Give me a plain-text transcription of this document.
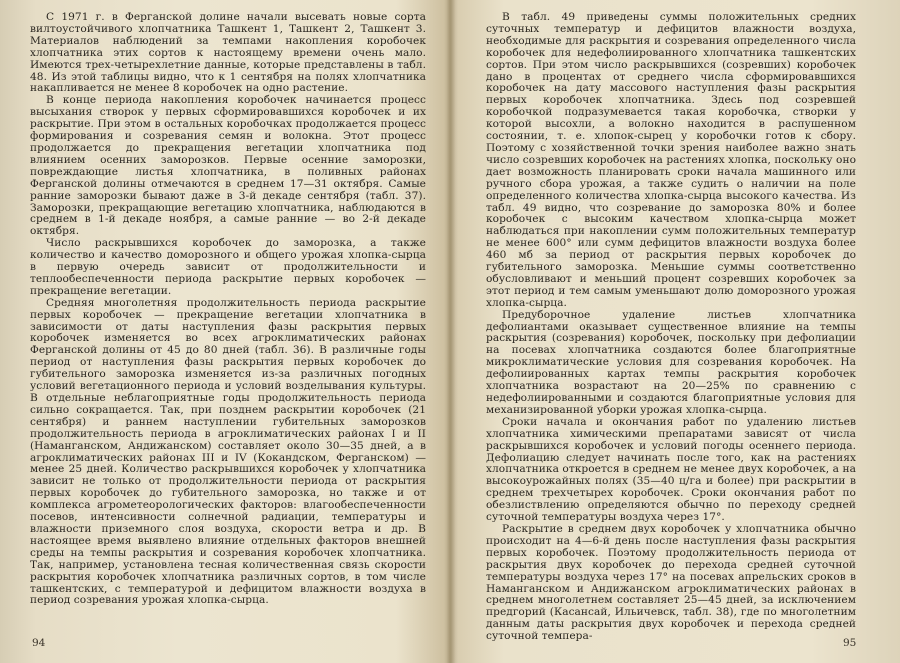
С 1971 г. в Ферганской долине начали высевать новые сорта вилтоустойчивого хлопчатника Ташкент 1, Ташкент 2, Ташкент 3. Материалов наблюдений за темпами накопления коробочек хлопчатника этих сортов к настоящему времени очень мало. Имеются трех-четырехлетние данные, которые представлены в табл. 48. Из этой таблицы видно, что к 1 сентября на полях хлопчатника накапливается не менее 8 коробочек на одно растение.

В конце периода накопления коробочек начинается процесс высыхания створок у первых сформировавшихся коробочек и их раскрытие. При этом в остальных коробочках продолжается процесс формирования и созревания семян и волокна. Этот процесс продолжается до прекращения вегетации хлопчатника под влиянием осенних заморозков. Первые осенние заморозки, повреждающие листья хлопчатника, в поливных районах Ферганской долины отмечаются в среднем 17—31 октября. Самые ранние заморозки бывают даже в 3-й декаде сентября (табл. 37). Заморозки, прекращающие вегетацию хлопчатника, наблюдаются в среднем в 1-й декаде ноября, а самые ранние — во 2-й декаде октября.

Число раскрывшихся коробочек до заморозка, а также количество и качество доморозного и общего урожая хлопка-сырца в первую очередь зависит от продолжительности и теплообеспеченности периода раскрытие первых коробочек — прекращение вегетации.

Средняя многолетняя продолжительность периода раскрытие первых коробочек — прекращение вегетации хлопчатника в зависимости от даты наступления фазы раскрытия первых коробочек изменяется во всех агроклиматических районах Ферганской долины от 45 до 80 дней (табл. 36). В различные годы период от наступления фазы раскрытия первых коробочек до губительного заморозка изменяется из-за различных погодных условий вегетационного периода и условий возделывания культуры. В отдельные неблагоприятные годы продолжительность периода сильно сокращается. Так, при позднем раскрытии коробочек (21 сентября) и раннем наступлении губительных заморозков продолжительность периода в агроклиматических районах I и II (Наманганском, Андижанском) составляет около 30—35 дней, а в агроклиматических районах III и IV (Кокандском, Ферганском) — менее 25 дней. Количество раскрывшихся коробочек у хлопчатника зависит не только от продолжительности периода от раскрытия первых коробочек до губительного заморозка, но также и от комплекса агрометеорологических факторов: влагообеспеченности посевов, интенсивности солнечной радиации, температуры и влажности приземного слоя воздуха, скорости ветра и др. В настоящее время выявлено влияние отдельных факторов внешней среды на темпы раскрытия и созревания коробочек хлопчатника. Так, например, установлена тесная количественная связь скорости раскрытия коробочек хлопчатника различных сортов, в том числе ташкентских, с температурой и дефицитом влажности воздуха в период созревания урожая хлопка-сырца.

В табл. 49 приведены суммы положительных средних суточных температур и дефицитов влажности воздуха, необходимые для раскрытия и созревания определенного числа коробочек для недефолиированного хлопчатника ташкентских сортов. При этом число раскрывшихся (созревших) коробочек дано в процентах от среднего числа сформировавшихся коробочек на дату массового наступления фазы раскрытия первых коробочек хлопчатника. Здесь под созревшей коробочкой подразумевается такая коробочка, створки у которой высохли, а волокно находится в распушенном состоянии, т. е. хлопок-сырец у коробочки готов к сбору. Поэтому с хозяйственной точки зрения наиболее важно знать число созревших коробочек на растениях хлопка, поскольку оно дает возможность планировать сроки начала машинного или ручного сбора урожая, а также судить о наличии на поле определенного количества хлопка-сырца высокого качества. Из табл. 49 видно, что созревание до заморозка 80% и более коробочек с высоким качеством хлопка-сырца может наблюдаться при накоплении сумм положительных температур не менее 600° или сумм дефицитов влажности воздуха более 460 мб за период от раскрытия первых коробочек до губительного заморозка. Меньшие суммы соответственно обусловливают и меньший процент созревших коробочек за этот период и тем самым уменьшают долю доморозного урожая хлопка-сырца.

Предуборочное удаление листьев хлопчатника дефолиантами оказывает существенное влияние на темпы раскрытия (созревания) коробочек, поскольку при дефолиации на посевах хлопчатника создаются более благоприятные микроклиматические условия для созревания коробочек. На дефолиированных картах темпы раскрытия коробочек хлопчатника возрастают на 20—25% по сравнению с недефолиированными и создаются благоприятные условия для механизированной уборки урожая хлопка-сырца.

Сроки начала и окончания работ по удалению листьев хлопчатника химическими препаратами зависят от числа раскрывшихся коробочек и условий погоды осеннего периода. Дефолиацию следует начинать после того, как на растениях хлопчатника откроется в среднем не менее двух коробочек, а на высокоурожайных полях (35—40 ц/га и более) при раскрытии в среднем трехчетырех коробочек. Сроки окончания работ по обезлиствлению определяются обычно по переходу средней суточной температуры воздуха через 17°.

Раскрытие в среднем двух коробочек у хлопчатника обычно происходит на 4—6-й день после наступления фазы раскрытия первых коробочек. Поэтому продолжительность периода от раскрытия двух коробочек до перехода средней суточной температуры воздуха через 17° на посевах апрельских сроков в Наманганском и Андижанском агроклиматических районах в среднем многолетнем составляет 25—45 дней, за исключением предгорий (Касансай, Ильичевск, табл. 38), где по многолетним данным даты раскрытия двух коробочек и перехода средней суточной темпера-

94	95
